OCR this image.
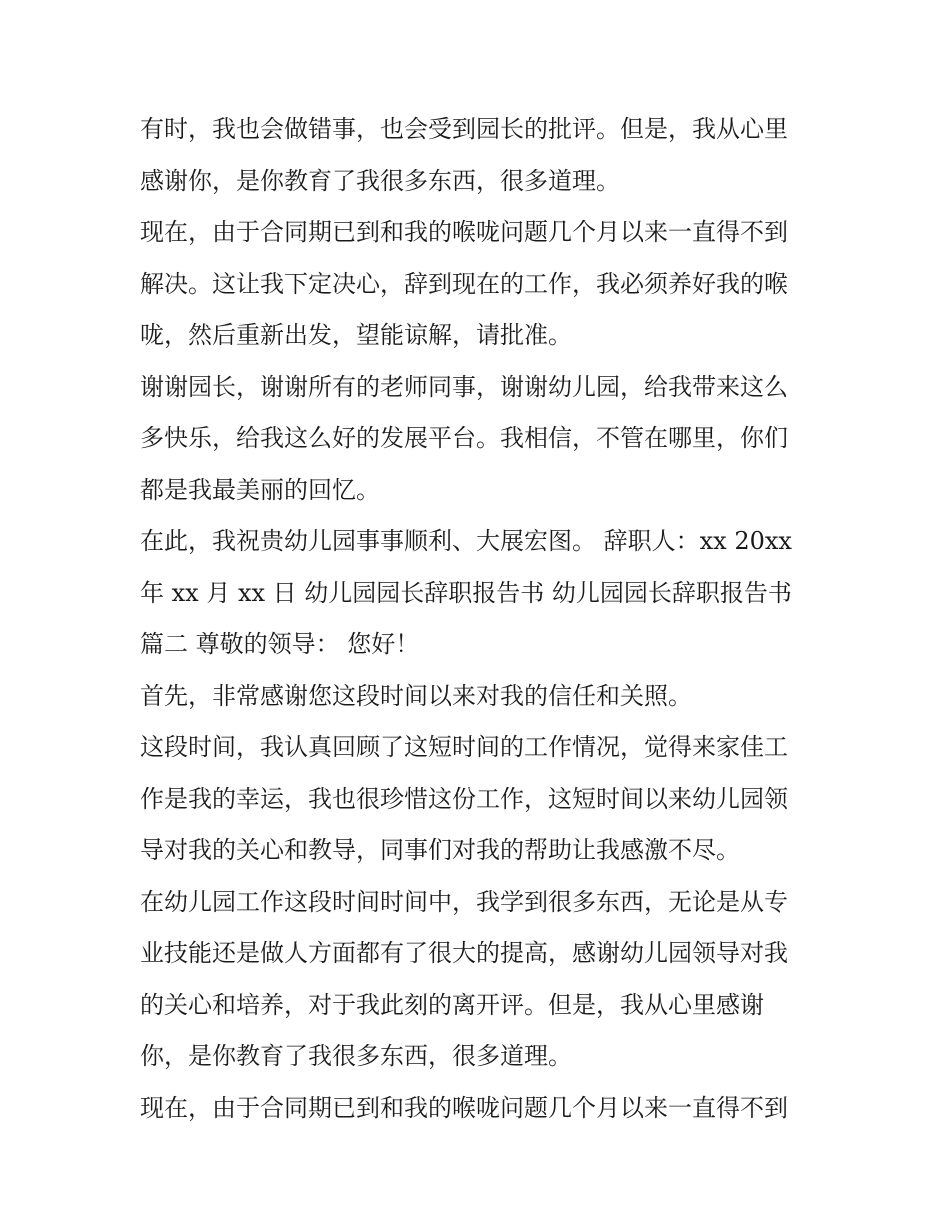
有时，我也会做错事，也会受到园长的批评。但是，我从心里
感谢你，是你教育了我很多东西，很多道理。
现在，由于合同期已到和我的喉咙问题几个月以来一直得不到
解决。这让我下定决心，辞到现在的工作，我必须养好我的喉
咙，然后重新出发，望能谅解，请批准。
谢谢园长，谢谢所有的老师同事，谢谢幼儿园，给我带来这么
多快乐，给我这么好的发展平台。我相信，不管在哪里，你们
都是我最美丽的回忆。
在此，我祝贵幼儿园事事顺利、大展宏图。 辞职人：xx 20xx
年 xx 月 xx 日 幼儿园园长辞职报告书 幼儿园园长辞职报告书
篇二 尊敬的领导： 您好！
首先，非常感谢您这段时间以来对我的信任和关照。
这段时间，我认真回顾了这短时间的工作情况，觉得来家佳工
作是我的幸运，我也很珍惜这份工作，这短时间以来幼儿园领
导对我的关心和教导，同事们对我的帮助让我感激不尽。
在幼儿园工作这段时间时间中，我学到很多东西，无论是从专
业技能还是做人方面都有了很大的提高，感谢幼儿园领导对我
的关心和培养，对于我此刻的离开评。但是，我从心里感谢
你，是你教育了我很多东西，很多道理。
现在，由于合同期已到和我的喉咙问题几个月以来一直得不到
